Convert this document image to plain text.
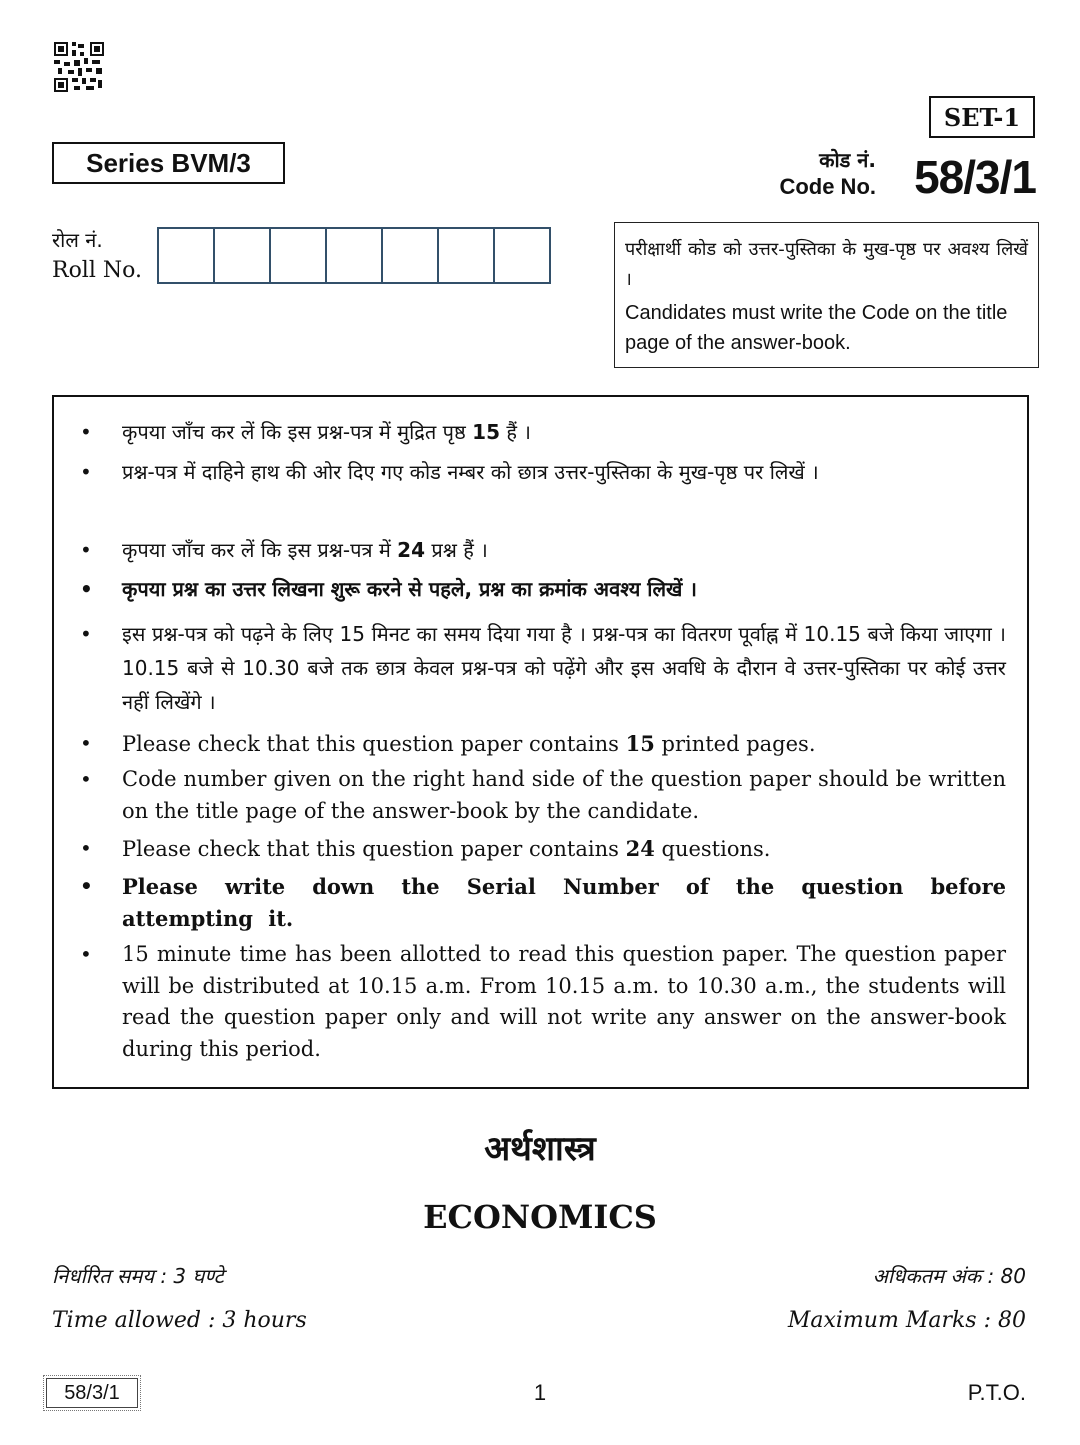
SET-1
Series BVM/3	कोड नं.
Code No. 58/3/1
रोल नं.
Roll No.
परीक्षार्थी कोड को उत्तर-पुस्तिका के मुख-पृष्ठ पर अवश्य लिखें ।
Candidates must write the Code on the title page of the answer-book.
• कृपया जाँच कर लें कि इस प्रश्न-पत्र में मुद्रित पृष्ठ 15 हैं ।
• प्रश्न-पत्र में दाहिने हाथ की ओर दिए गए कोड नम्बर को छात्र उत्तर-पुस्तिका के मुख-पृष्ठ पर लिखें ।
• कृपया जाँच कर लें कि इस प्रश्न-पत्र में 24 प्रश्न हैं ।
• कृपया प्रश्न का उत्तर लिखना शुरू करने से पहले, प्रश्न का क्रमांक अवश्य लिखें ।
• इस प्रश्न-पत्र को पढ़ने के लिए 15 मिनट का समय दिया गया है । प्रश्न-पत्र का वितरण पूर्वाह्न में 10.15 बजे किया जाएगा । 10.15 बजे से 10.30 बजे तक छात्र केवल प्रश्न-पत्र को पढ़ेंगे और इस अवधि के दौरान वे उत्तर-पुस्तिका पर कोई उत्तर नहीं लिखेंगे ।
• Please check that this question paper contains 15 printed pages.
• Code number given on the right hand side of the question paper should be written on the title page of the answer-book by the candidate.
• Please check that this question paper contains 24 questions.
• Please write down the Serial Number of the question before attempting it.
• 15 minute time has been allotted to read this question paper. The question paper will be distributed at 10.15 a.m. From 10.15 a.m. to 10.30 a.m., the students will read the question paper only and will not write any answer on the answer-book during this period.
अर्थशास्त्र
ECONOMICS
निर्धारित समय : 3 घण्टे	अधिकतम अंक : 80
Time allowed : 3 hours	Maximum Marks : 80
58/3/1	1	P.T.O.
